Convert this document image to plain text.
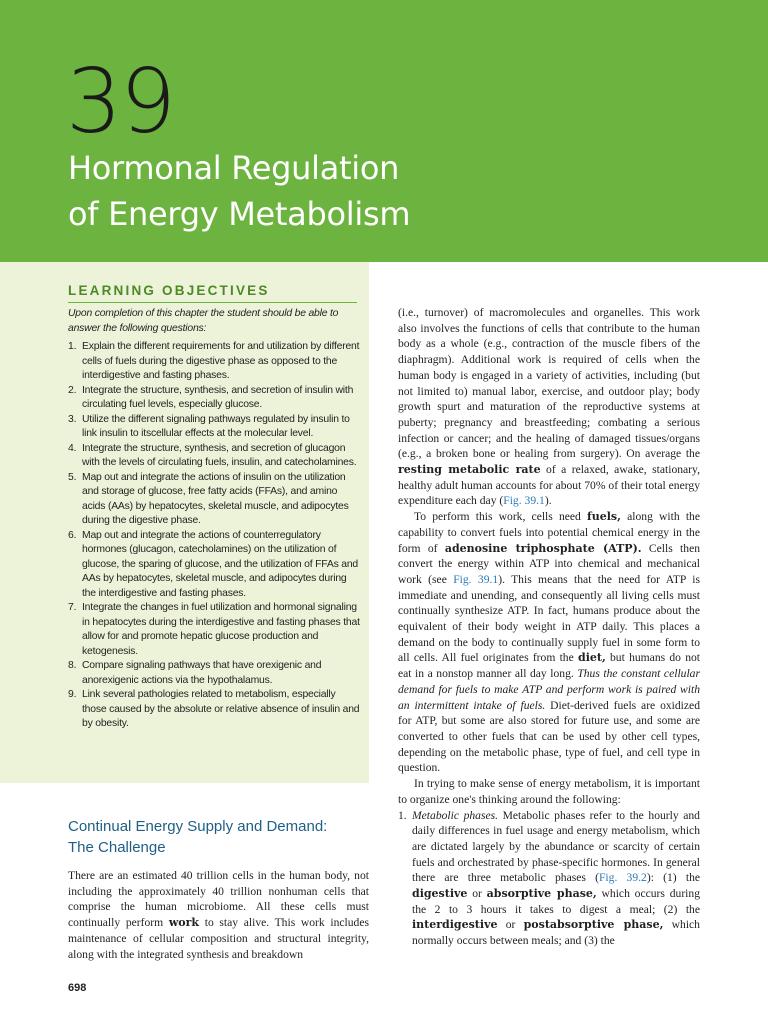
39
Hormonal Regulation
of Energy Metabolism
LEARNING OBJECTIVES
Upon completion of this chapter the student should be able to answer the following questions:
1. Explain the different requirements for and utilization by different cells of fuels during the digestive phase as opposed to the interdigestive and fasting phases.
2. Integrate the structure, synthesis, and secretion of insulin with circulating fuel levels, especially glucose.
3. Utilize the different signaling pathways regulated by insulin to link insulin to itscellular effects at the molecular level.
4. Integrate the structure, synthesis, and secretion of glucagon with the levels of circulating fuels, insulin, and catecholamines.
5. Map out and integrate the actions of insulin on the utilization and storage of glucose, free fatty acids (FFAs), and amino acids (AAs) by hepatocytes, skeletal muscle, and adipocytes during the digestive phase.
6. Map out and integrate the actions of counterregulatory hormones (glucagon, catecholamines) on the utilization of glucose, the sparing of glucose, and the utilization of FFAs and AAs by hepatocytes, skeletal muscle, and adipocytes during the interdigestive and fasting phases.
7. Integrate the changes in fuel utilization and hormonal signaling in hepatocytes during the interdigestive and fasting phases that allow for and promote hepatic glucose production and ketogenesis.
8. Compare signaling pathways that have orexigenic and anorexigenic actions via the hypothalamus.
9. Link several pathologies related to metabolism, especially those caused by the absolute or relative absence of insulin and by obesity.
Continual Energy Supply and Demand:
The Challenge
There are an estimated 40 trillion cells in the human body, not including the approximately 40 trillion nonhuman cells that comprise the human microbiome. All these cells must continually perform work to stay alive. This work includes maintenance of cellular composition and structural integrity, along with the integrated synthesis and breakdown

(i.e., turnover) of macromolecules and organelles. This work also involves the functions of cells that contribute to the human body as a whole (e.g., contraction of the muscle fibers of the diaphragm). Additional work is required of cells when the human body is engaged in a variety of activities, including (but not limited to) manual labor, exercise, and outdoor play; body growth spurt and maturation of the reproductive systems at puberty; pregnancy and breastfeeding; combating a serious infection or cancer; and the healing of damaged tissues/organs (e.g., a broken bone or healing from surgery). On average the resting metabolic rate of a relaxed, awake, stationary, healthy adult human accounts for about 70% of their total energy expenditure each day (Fig. 39.1).

To perform this work, cells need fuels, along with the capability to convert fuels into potential chemical energy in the form of adenosine triphosphate (ATP). Cells then convert the energy within ATP into chemical and mechanical work (see Fig. 39.1). This means that the need for ATP is immediate and unending, and consequently all living cells must continually synthesize ATP. In fact, humans produce about the equivalent of their body weight in ATP daily. This places a demand on the body to continually supply fuel in some form to all cells. All fuel originates from the diet, but humans do not eat in a nonstop manner all day long. Thus the constant cellular demand for fuels to make ATP and perform work is paired with an intermittent intake of fuels. Diet-derived fuels are oxidized for ATP, but some are also stored for future use, and some are converted to other fuels that can be used by other cell types, depending on the metabolic phase, type of fuel, and cell type in question.

In trying to make sense of energy metabolism, it is important to organize one's thinking around the following:

1. Metabolic phases. Metabolic phases refer to the hourly and daily differences in fuel usage and energy metabolism, which are dictated largely by the abundance or scarcity of certain fuels and orchestrated by phase-specific hormones. In general there are three metabolic phases (Fig. 39.2): (1) the digestive or absorptive phase, which occurs during the 2 to 3 hours it takes to digest a meal; (2) the interdigestive or postabsorptive phase, which normally occurs between meals; and (3) the
698
